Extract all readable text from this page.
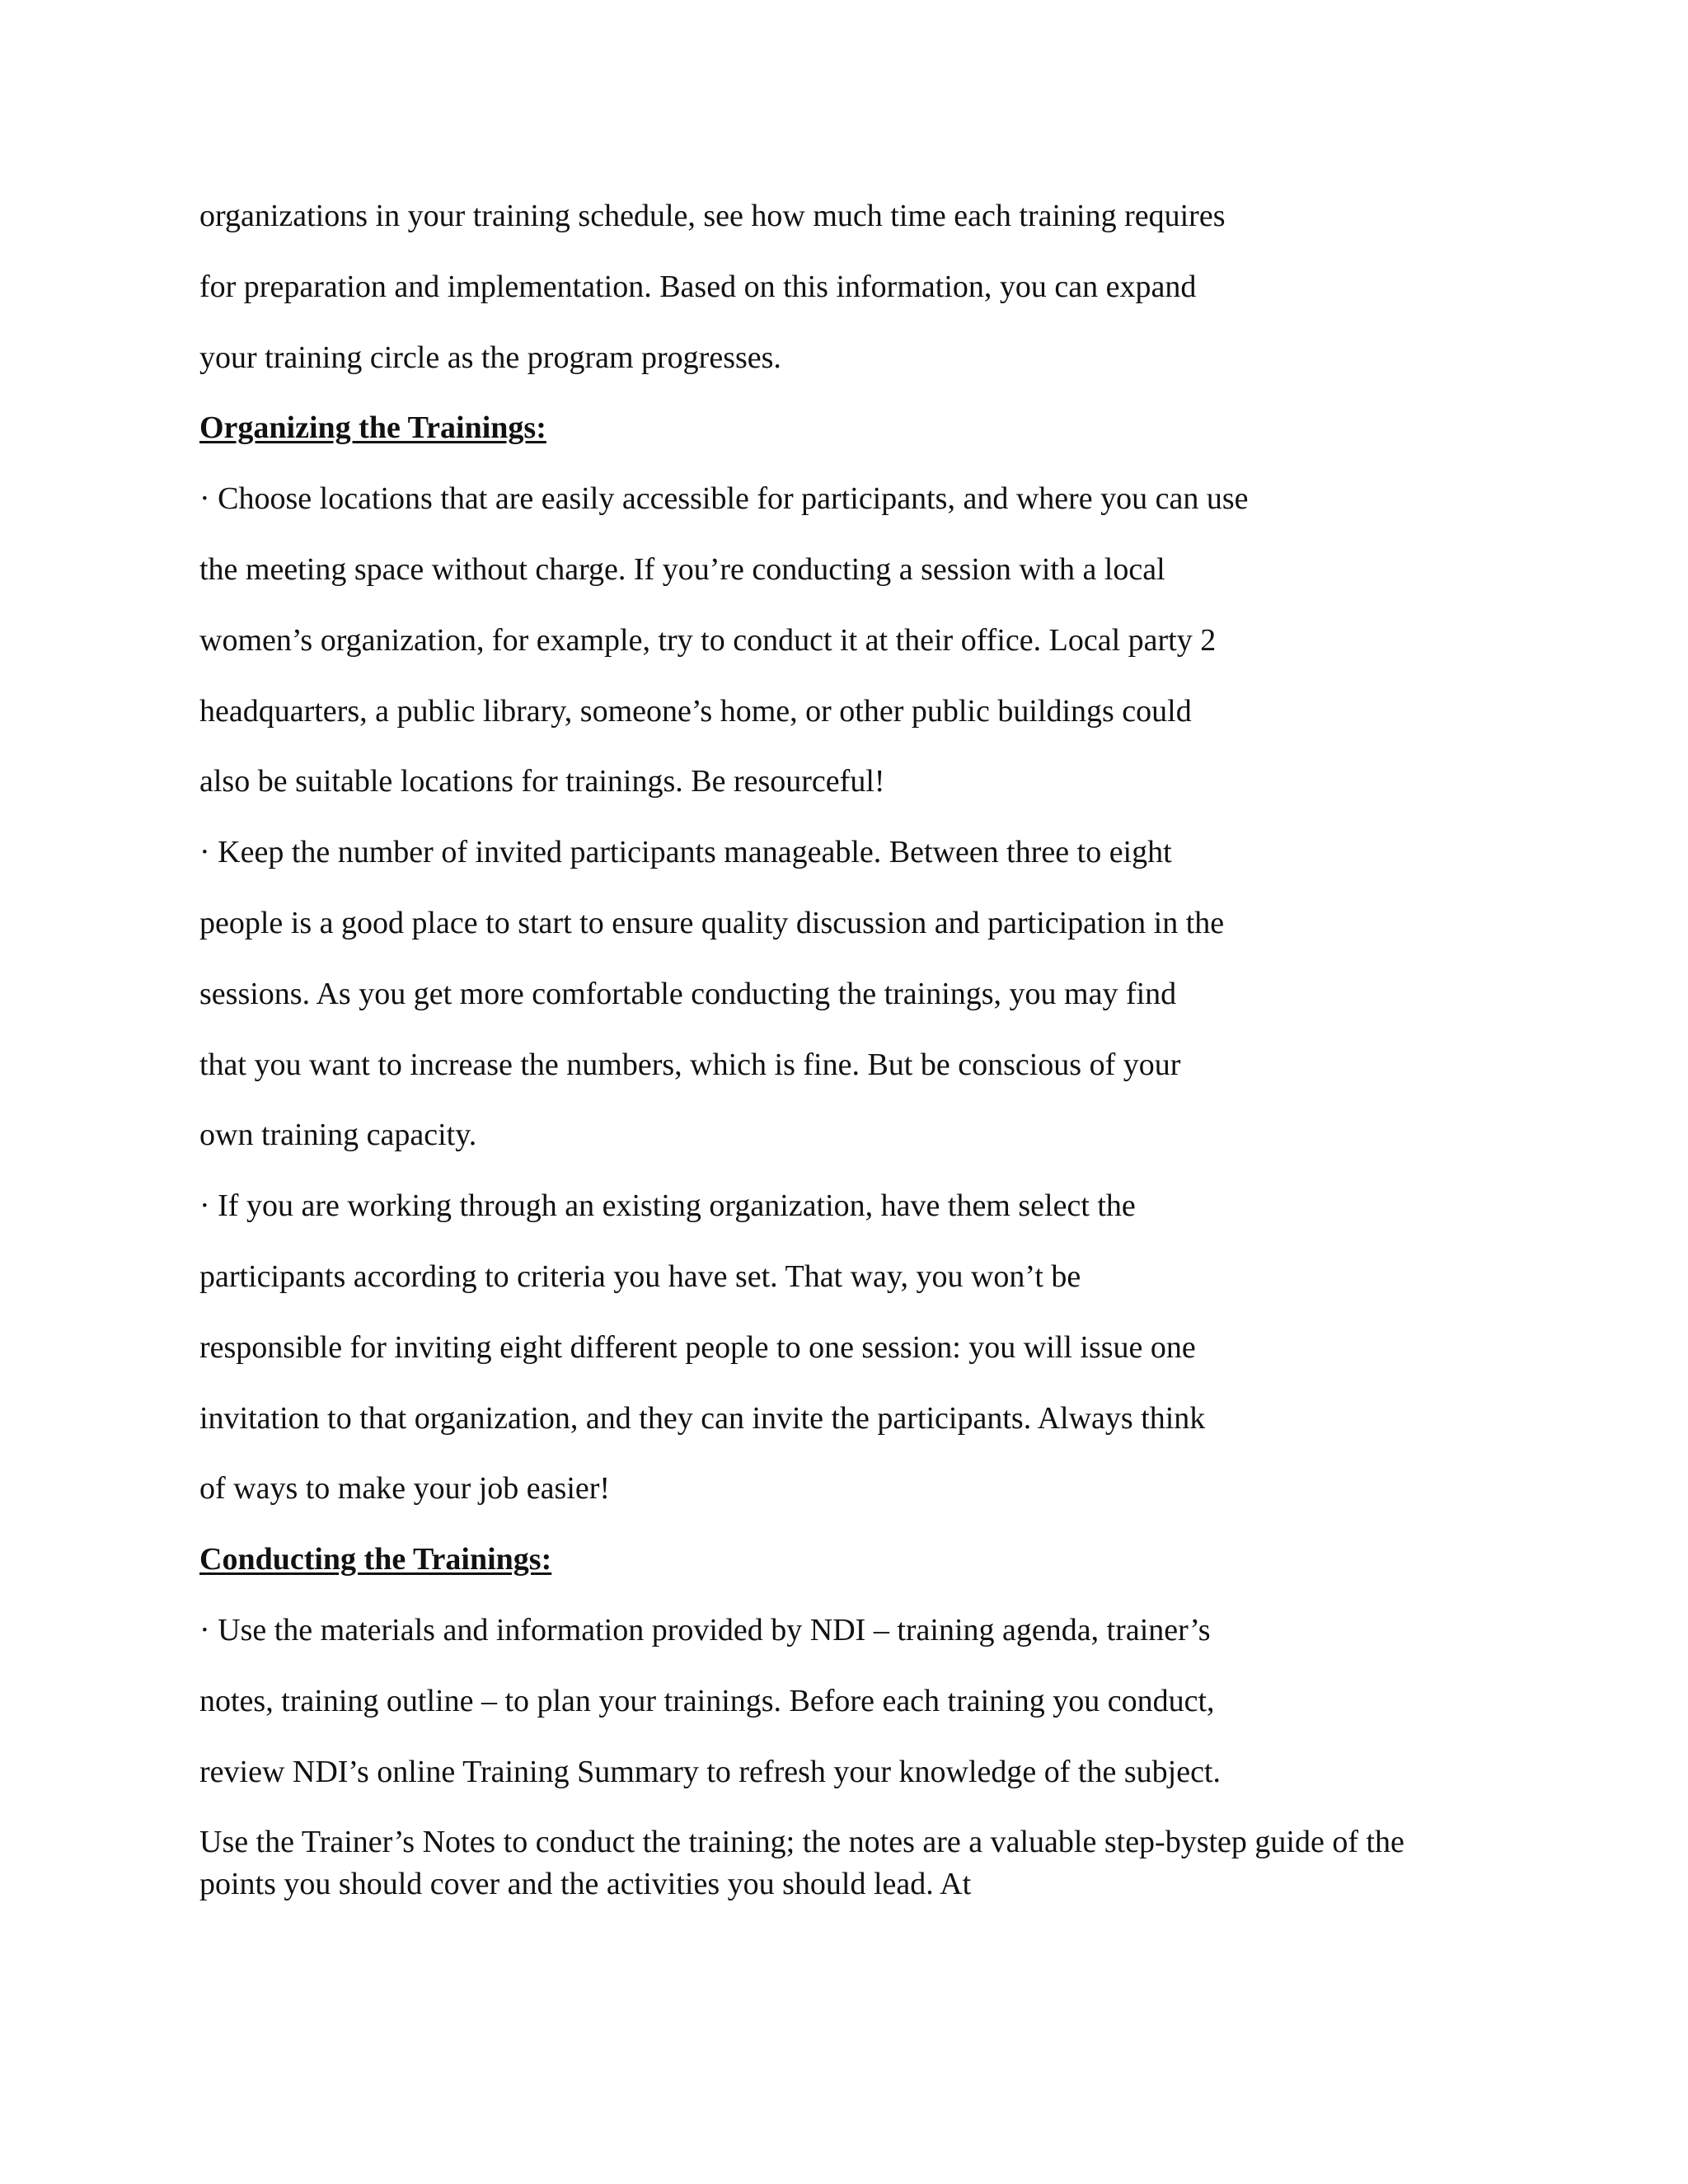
organizations in your training schedule, see how much time each training requires

for preparation and implementation. Based on this information, you can expand

your training circle as the program progresses.

Organizing the Trainings:

· Choose locations that are easily accessible for participants, and where you can use

the meeting space without charge. If you’re conducting a session with a local

women’s organization, for example, try to conduct it at their office. Local party 2

headquarters, a public library, someone’s home, or other public buildings could

also be suitable locations for trainings. Be resourceful!

· Keep the number of invited participants manageable. Between three to eight

people is a good place to start to ensure quality discussion and participation in the

sessions. As you get more comfortable conducting the trainings, you may find

that you want to increase the numbers, which is fine. But be conscious of your

own training capacity.

· If you are working through an existing organization, have them select the

participants according to criteria you have set. That way, you won’t be

responsible for inviting eight different people to one session: you will issue one

invitation to that organization, and they can invite the participants. Always think

of ways to make your job easier!

Conducting the Trainings:

· Use the materials and information provided by NDI – training agenda, trainer’s

notes, training outline – to plan your trainings. Before each training you conduct,

review NDI’s online Training Summary to refresh your knowledge of the subject.

Use the Trainer’s Notes to conduct the training; the notes are a valuable step-bystep guide of the

points you should cover and the activities you should lead. At
